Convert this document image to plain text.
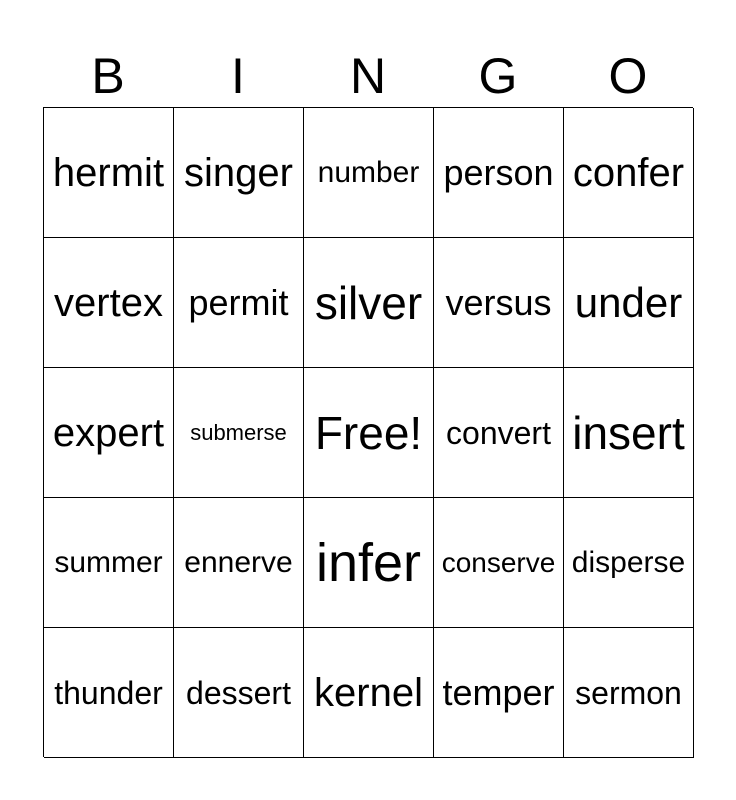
B	I	N	G	O
hermit singer number person confer
vertex permit silver versus under
expert	submerse Free! convert insert
summer ennerve infer conserve disperse
thunder dessert kernel temper sermon
